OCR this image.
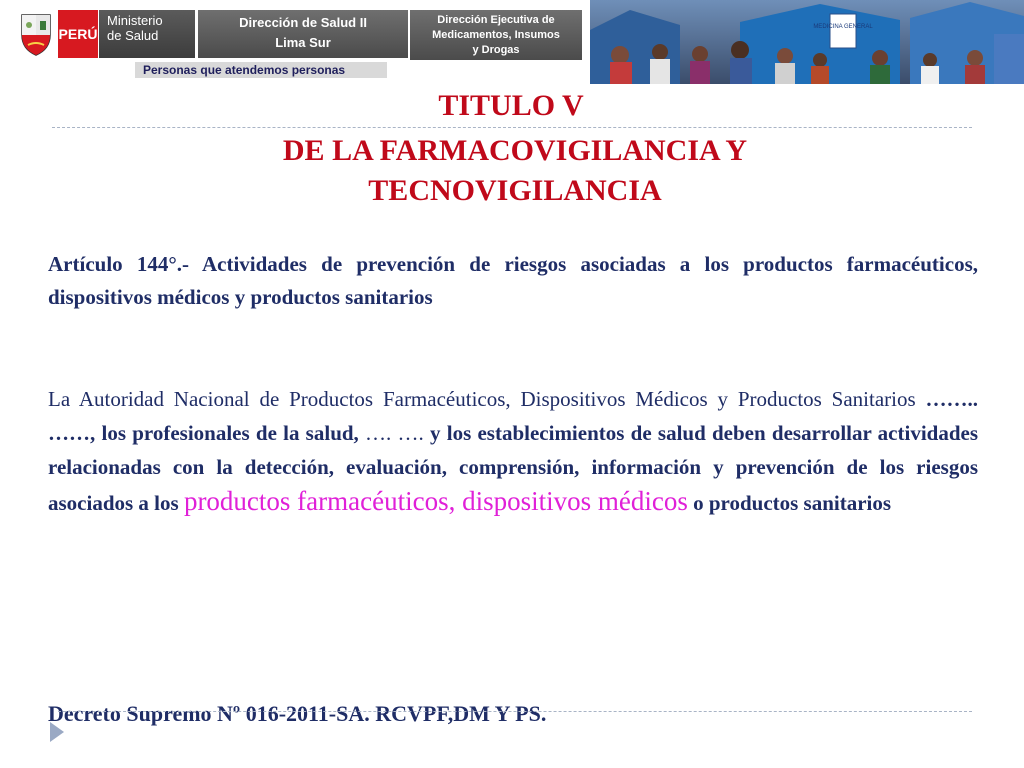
PERÚ
Ministerio
de Salud
Dirección de Salud II
Lima Sur
Dirección Ejecutiva de
Medicamentos, Insumos
y Drogas
Personas que atendemos personas
MEDICINA GENERAL
TITULO V
DE LA FARMACOVIGILANCIA Y
TECNOVIGILANCIA
Artículo 144°.- Actividades de prevención de riesgos asociadas a los productos farmacéuticos, dispositivos médicos y productos sanitarios
La Autoridad Nacional de Productos Farmacéuticos, Dispositivos Médicos y Productos Sanitarios …….. ……, los profesionales de la salud, …. …. y los establecimientos de salud deben desarrollar actividades relacionadas con la detección, evaluación, comprensión, información y prevención de los riesgos asociados a los productos farmacéuticos, dispositivos médicos o productos sanitarios
Decreto Supremo Nº 016-2011-SA. RCVPF,DM Y PS.
